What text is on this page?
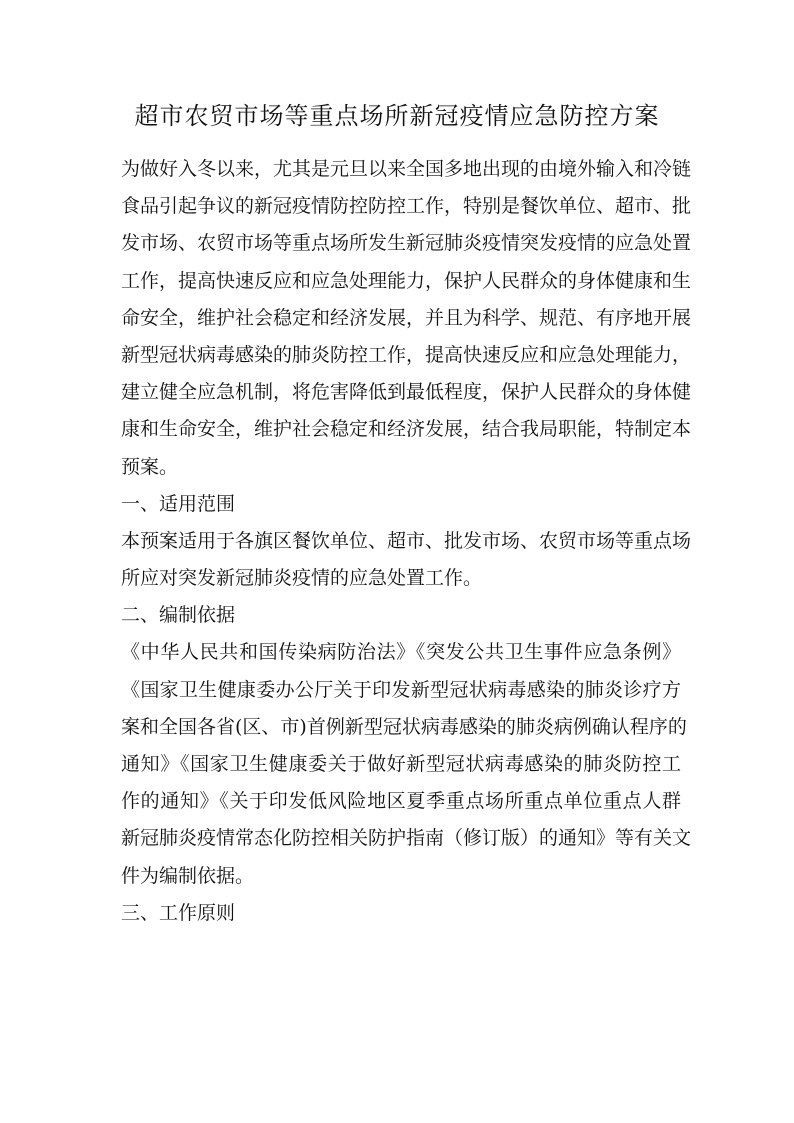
超市农贸市场等重点场所新冠疫情应急防控方案
为做好入冬以来，尤其是元旦以来全国多地出现的由境外输入和冷链
食品引起争议的新冠疫情防控防控工作，特别是餐饮单位、超市、批
发市场、农贸市场等重点场所发生新冠肺炎疫情突发疫情的应急处置
工作，提高快速反应和应急处理能力，保护人民群众的身体健康和生
命安全，维护社会稳定和经济发展，并且为科学、规范、有序地开展
新型冠状病毒感染的肺炎防控工作，提高快速反应和应急处理能力，
建立健全应急机制，将危害降低到最低程度，保护人民群众的身体健
康和生命安全，维护社会稳定和经济发展，结合我局职能，特制定本
预案。
一、适用范围
本预案适用于各旗区餐饮单位、超市、批发市场、农贸市场等重点场
所应对突发新冠肺炎疫情的应急处置工作。
二、编制依据
《中华人民共和国传染病防治法》《突发公共卫生事件应急条例》
《国家卫生健康委办公厅关于印发新型冠状病毒感染的肺炎诊疗方
案和全国各省(区、市)首例新型冠状病毒感染的肺炎病例确认程序的
通知》《国家卫生健康委关于做好新型冠状病毒感染的肺炎防控工
作的通知》《关于印发低风险地区夏季重点场所重点单位重点人群
新冠肺炎疫情常态化防控相关防护指南（修订版）的通知》等有关文
件为编制依据。
三、工作原则
